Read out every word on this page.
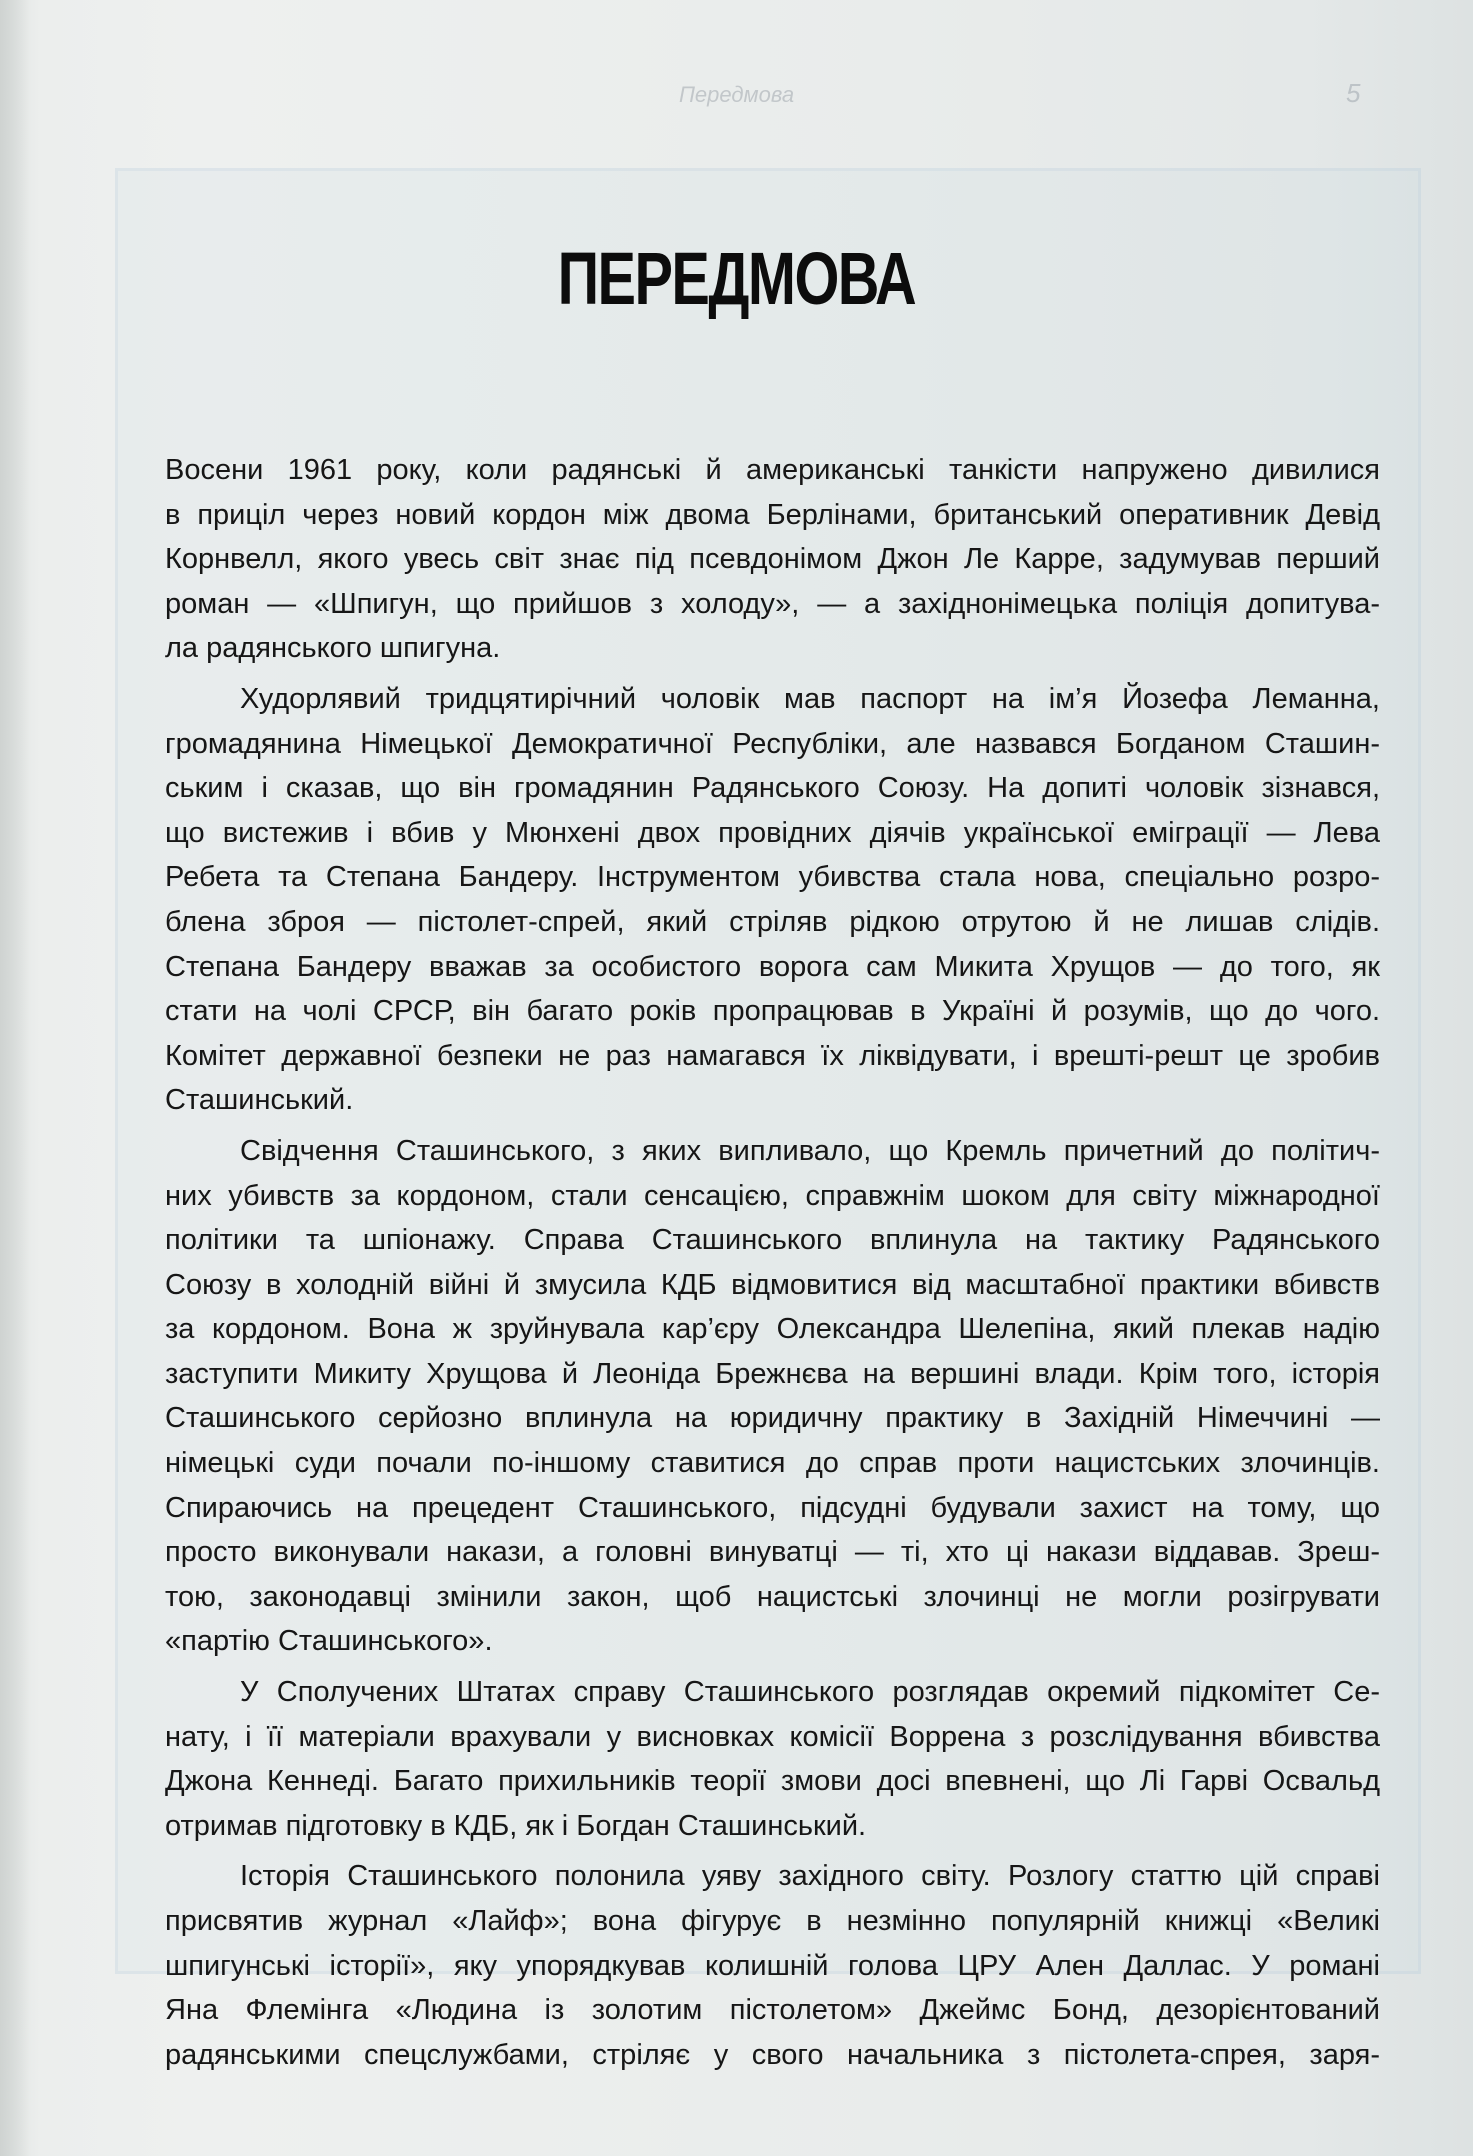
Передмова	5
ПЕРЕДМОВА
Восени 1961 року, коли радянські й американські танкісти напружено дивилися
в приціл через новий кордон між двома Берлінами, британський оперативник Девід
Корнвелл, якого увесь світ знає під псевдонімом Джон Ле Карре, задумував перший
роман — «Шпигун, що прийшов з холоду», — а західнонімецька поліція допитува-
ла радянського шпигуна.
Худорлявий тридцятирічний чоловік мав паспорт на ім’я Йозефа Леманна,
громадянина Німецької Демократичної Республіки, але назвався Богданом Сташин-
ським і сказав, що він громадянин Радянського Союзу. На допиті чоловік зізнався,
що вистежив і вбив у Мюнхені двох провідних діячів української еміграції — Лева
Ребета та Степана Бандеру. Інструментом убивства стала нова, спеціально розро-
блена зброя — пістолет-спрей, який стріляв рідкою отрутою й не лишав слідів.
Степана Бандеру вважав за особистого ворога сам Микита Хрущов — до того, як
стати на чолі СРСР, він багато років пропрацював в Україні й розумів, що до чого.
Комітет державної безпеки не раз намагався їх ліквідувати, і врешті-решт це зробив
Сташинський.
Свідчення Сташинського, з яких випливало, що Кремль причетний до політич-
них убивств за кордоном, стали сенсацією, справжнім шоком для світу міжнародної
політики та шпіонажу. Справа Сташинського вплинула на тактику Радянського
Союзу в холодній війні й змусила КДБ відмовитися від масштабної практики вбивств
за кордоном. Вона ж зруйнувала кар’єру Олександра Шелепіна, який плекав надію
заступити Микиту Хрущова й Леоніда Брежнєва на вершині влади. Крім того, історія
Сташинського серйозно вплинула на юридичну практику в Західній Німеччині —
німецькі суди почали по-іншому ставитися до справ проти нацистських злочинців.
Спираючись на прецедент Сташинського, підсудні будували захист на тому, що
просто виконували накази, а головні винуватці — ті, хто ці накази віддавав. Зреш-
тою, законодавці змінили закон, щоб нацистські злочинці не могли розігрувати
«партію Сташинського».
У Сполучених Штатах справу Сташинського розглядав окремий підкомітет Се-
нату, і її матеріали врахували у висновках комісії Воррена з розслідування вбивства
Джона Кеннеді. Багато прихильників теорії змови досі впевнені, що Лі Гарві Освальд
отримав підготовку в КДБ, як і Богдан Сташинський.
Історія Сташинського полонила уяву західного світу. Розлогу статтю цій справі
присвятив журнал «Лайф»; вона фігурує в незмінно популярній книжці «Великі
шпигунські історії», яку упорядкував колишній голова ЦРУ Ален Даллас. У романі
Яна Флемінга «Людина із золотим пістолетом» Джеймс Бонд, дезорієнтований
радянськими спецслужбами, стріляє у свого начальника з пістолета-спрея, заря-
